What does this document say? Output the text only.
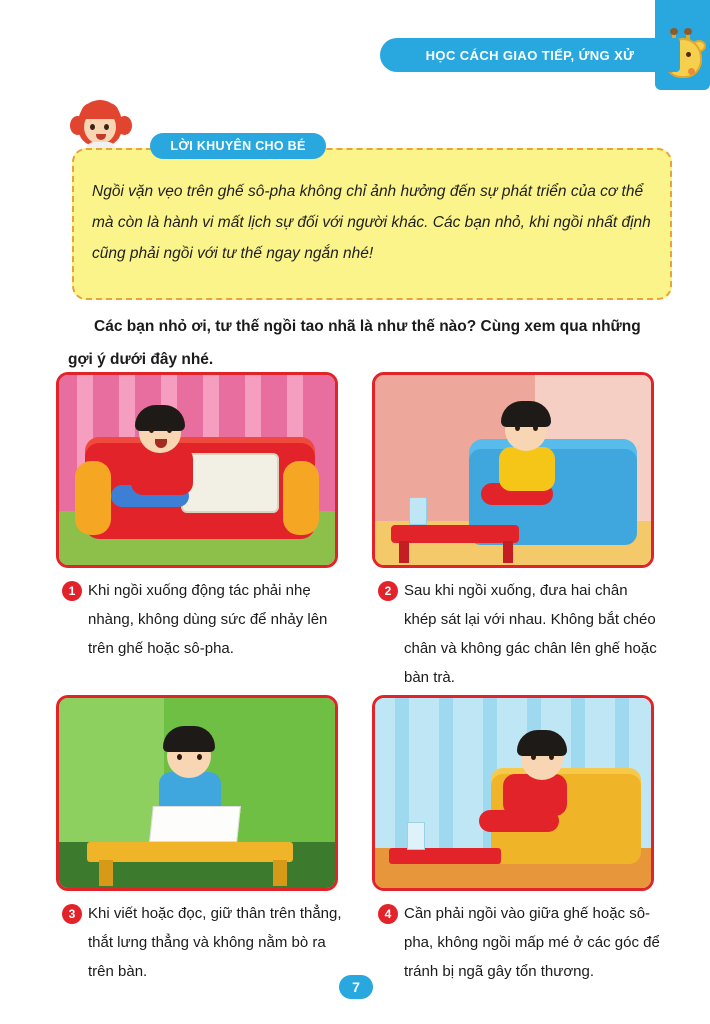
HỌC CÁCH GIAO TIẾP, ỨNG XỬ
LỜI KHUYÊN CHO BÉ
Ngồi vặn vẹo trên ghế sô-pha không chỉ ảnh hưởng đến sự phát triển của cơ thể mà còn là hành vi mất lịch sự đối với người khác. Các bạn nhỏ, khi ngồi nhất định cũng phải ngồi với tư thế ngay ngắn nhé!
Các bạn nhỏ ơi, tư thế ngồi tao nhã là như thế nào? Cùng xem qua những gợi ý dưới đây nhé.
1 Khi ngồi xuống động tác phải nhẹ nhàng, không dùng sức để nhảy lên trên ghế hoặc sô-pha.
2 Sau khi ngồi xuống, đưa hai chân khép sát lại với nhau. Không bắt chéo chân và không gác chân lên ghế hoặc bàn trà.
3 Khi viết hoặc đọc, giữ thân trên thẳng, thắt lưng thẳng và không nằm bò ra trên bàn.
4 Cần phải ngồi vào giữa ghế hoặc sô-pha, không ngồi mấp mé ở các góc để tránh bị ngã gây tổn thương.
7
